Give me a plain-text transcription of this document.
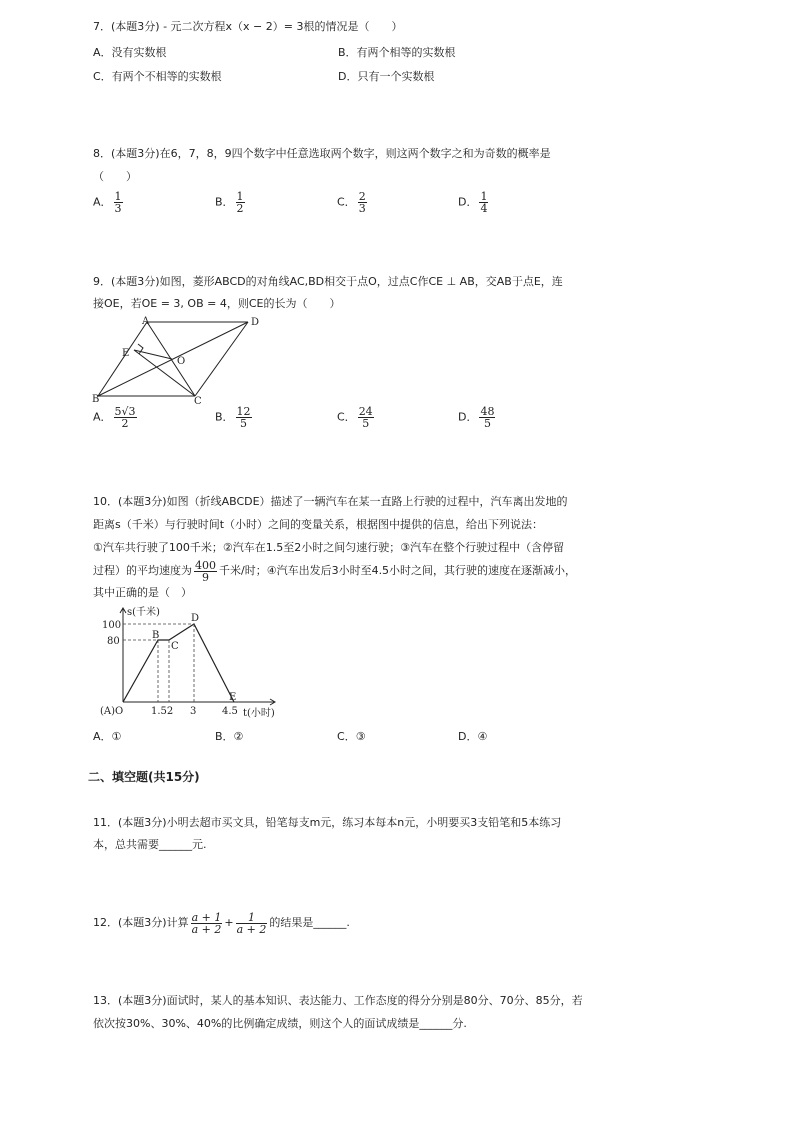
7．(本题3分) - 元二次方程x（x − 2）= 3根的情况是（　　）
A．没有实数根	B．有两个相等的实数根
C．有两个不相等的实数根	D．只有一个实数根
8．(本题3分)在6，7，8，9四个数字中任意选取两个数字，则这两个数字之和为奇数的概率是
（　　）
A． $\frac{1}{3}$	B． $\frac{1}{2}$	C． $\frac{2}{3}$	D． $\frac{1}{4}$
9．(本题3分)如图，菱形ABCD的对角线AC,BD相交于点O，过点C作CE ⊥ AB，交AB于点E，连
接OE，若OE = 3, OB = 4，则CE的长为（　　）
A	D
C
B
E
O
A． $\frac{5√3}{2}$	B． $\frac{12}{5}$	C． $\frac{24}{5}$	D． $\frac{48}{5}$
10．(本题3分)如图（折线ABCDE）描述了一辆汽车在某一直路上行驶的过程中，汽车离出发地的
距离s（千米）与行驶时间t（小时）之间的变量关系，根据图中提供的信息，给出下列说法：
①汽车共行驶了100千米；②汽车在1.5至2小时之间匀速行驶；③汽车在整个行驶过程中（含停留
过程）的平均速度为 $\frac{400}{9}$ 千米/时；④汽车出发后3小时至4.5小时之间，其行驶的速度在逐渐减小，
其中正确的是（　）
s(千米)
100
80
(A)O	1.52 3	4.5 t(小时)
B
C
D
E
A．①	B．②	C．③	D．④
二、填空题(共15分)
11．(本题3分)小明去超市买文具，铅笔每支m元，练习本每本n元，小明要买3支铅笔和5本练习
本，总共需要______元.
12．(本题3分)计算 $\frac{a + 1}{a + 2} + \frac{1}{a + 2}$ 的结果是______.
13．(本题3分)面试时，某人的基本知识、表达能力、工作态度的得分分别是80分、70分、85分，若
依次按30%、30%、40%的比例确定成绩，则这个人的面试成绩是______分.
